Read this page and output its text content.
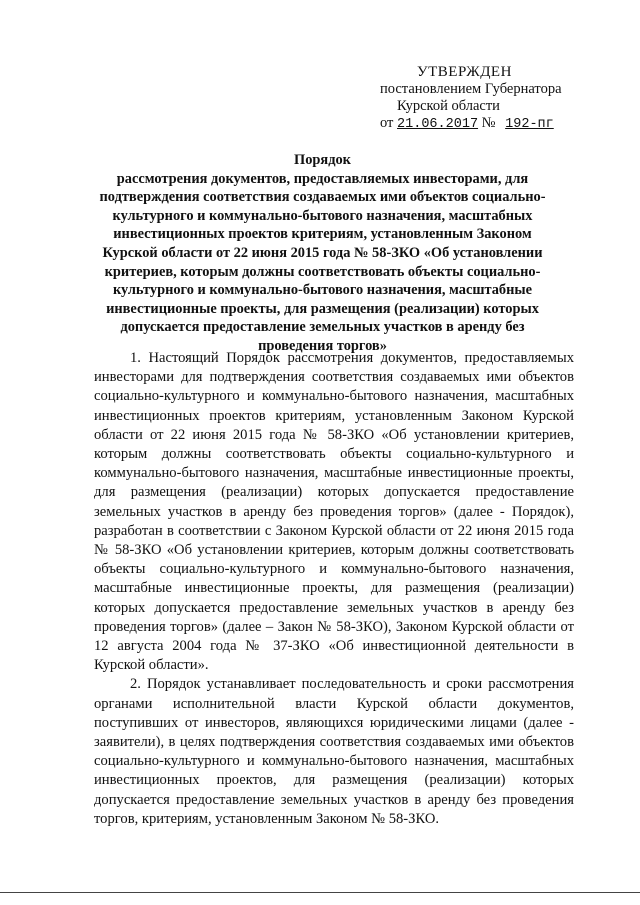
УТВЕРЖДЕН
постановлением Губернатора
Курской области
от 21.06.2017 № 192-пг
Порядок
рассмотрения документов, предоставляемых инвесторами, для подтверждения соответствия создаваемых ими объектов социально-культурного и коммунально-бытового назначения, масштабных инвестиционных проектов критериям, установленным Законом Курской области от 22 июня 2015 года № 58-ЗКО «Об установлении критериев, которым должны соответствовать объекты социально-культурного и коммунально-бытового назначения, масштабные инвестиционные проекты, для размещения (реализации) которых допускается предоставление земельных участков в аренду без проведения торгов»

1. Настоящий Порядок рассмотрения документов, предоставляемых инвесторами для подтверждения соответствия создаваемых ими объектов социально-культурного и коммунально-бытового назначения, масштабных инвестиционных проектов критериям, установленным Законом Курской области от 22 июня 2015 года № 58-ЗКО «Об установлении критериев, которым должны соответствовать объекты социально-культурного и коммунально-бытового назначения, масштабные инвестиционные проекты, для размещения (реализации) которых допускается предоставление земельных участков в аренду без проведения торгов» (далее - Порядок), разработан в соответствии с Законом Курской области от 22 июня 2015 года № 58-ЗКО «Об установлении критериев, которым должны соответствовать объекты социально-культурного и коммунально-бытового назначения, масштабные инвестиционные проекты, для размещения (реализации) которых допускается предоставление земельных участков в аренду без проведения торгов» (далее – Закон № 58-ЗКО), Законом Курской области от 12 августа 2004 года № 37-ЗКО «Об инвестиционной деятельности в Курской области».

2. Порядок устанавливает последовательность и сроки рассмотрения органами исполнительной власти Курской области документов, поступивших от инвесторов, являющихся юридическими лицами (далее - заявители), в целях подтверждения соответствия создаваемых ими объектов социально-культурного и коммунально-бытового назначения, масштабных инвестиционных проектов, для размещения (реализации) которых допускается предоставление земельных участков в аренду без проведения торгов, критериям, установленным Законом № 58-ЗКО.
